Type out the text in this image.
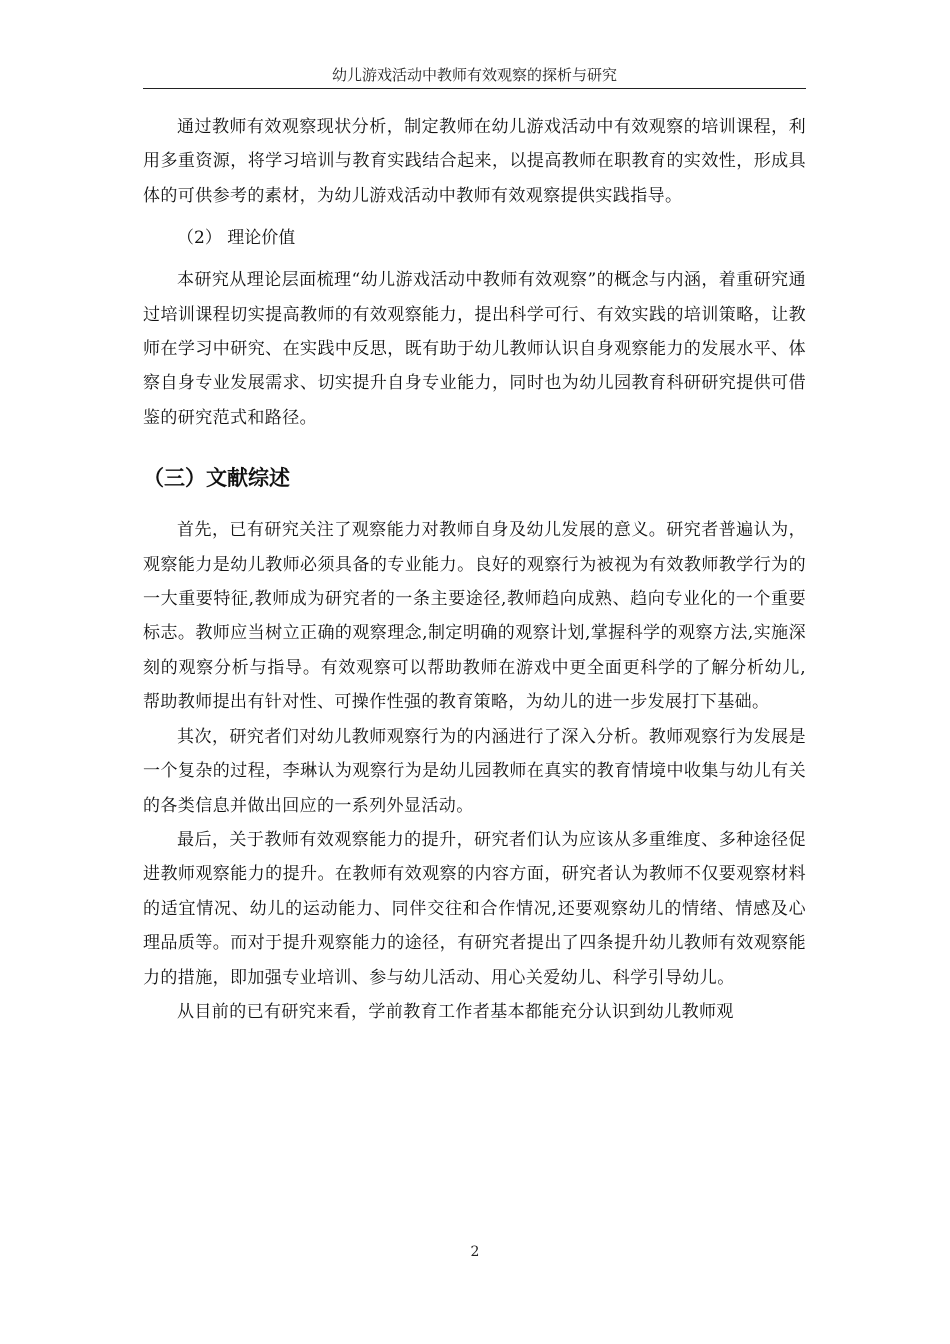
幼儿游戏活动中教师有效观察的探析与研究

通过教师有效观察现状分析，制定教师在幼儿游戏活动中有效观察的培训课程，利用多重资源，将学习培训与教育实践结合起来，以提高教师在职教育的实效性，形成具体的可供参考的素材，为幼儿游戏活动中教师有效观察提供实践指导。

（2） 理论价值

本研究从理论层面梳理“幼儿游戏活动中教师有效观察”的概念与内涵，着重研究通过培训课程切实提高教师的有效观察能力，提出科学可行、有效实践的培训策略，让教师在学习中研究、在实践中反思，既有助于幼儿教师认识自身观察能力的发展水平、体察自身专业发展需求、切实提升自身专业能力，同时也为幼儿园教育科研研究提供可借鉴的研究范式和路径。

（三）文献综述

首先，已有研究关注了观察能力对教师自身及幼儿发展的意义。研究者普遍认为，观察能力是幼儿教师必须具备的专业能力。良好的观察行为被视为有效教师教学行为的一大重要特征,教师成为研究者的一条主要途径,教师趋向成熟、趋向专业化的一个重要标志。教师应当树立正确的观察理念,制定明确的观察计划,掌握科学的观察方法,实施深刻的观察分析与指导。有效观察可以帮助教师在游戏中更全面更科学的了解分析幼儿,帮助教师提出有针对性、可操作性强的教育策略，为幼儿的进一步发展打下基础。

其次，研究者们对幼儿教师观察行为的内涵进行了深入分析。教师观察行为发展是一个复杂的过程，李琳认为观察行为是幼儿园教师在真实的教育情境中收集与幼儿有关的各类信息并做出回应的一系列外显活动。

最后，关于教师有效观察能力的提升，研究者们认为应该从多重维度、多种途径促进教师观察能力的提升。在教师有效观察的内容方面，研究者认为教师不仅要观察材料的适宜情况、幼儿的运动能力、同伴交往和合作情况,还要观察幼儿的情绪、情感及心理品质等。而对于提升观察能力的途径，有研究者提出了四条提升幼儿教师有效观察能力的措施，即加强专业培训、参与幼儿活动、用心关爱幼儿、科学引导幼儿。

从目前的已有研究来看，学前教育工作者基本都能充分认识到幼儿教师观

2
